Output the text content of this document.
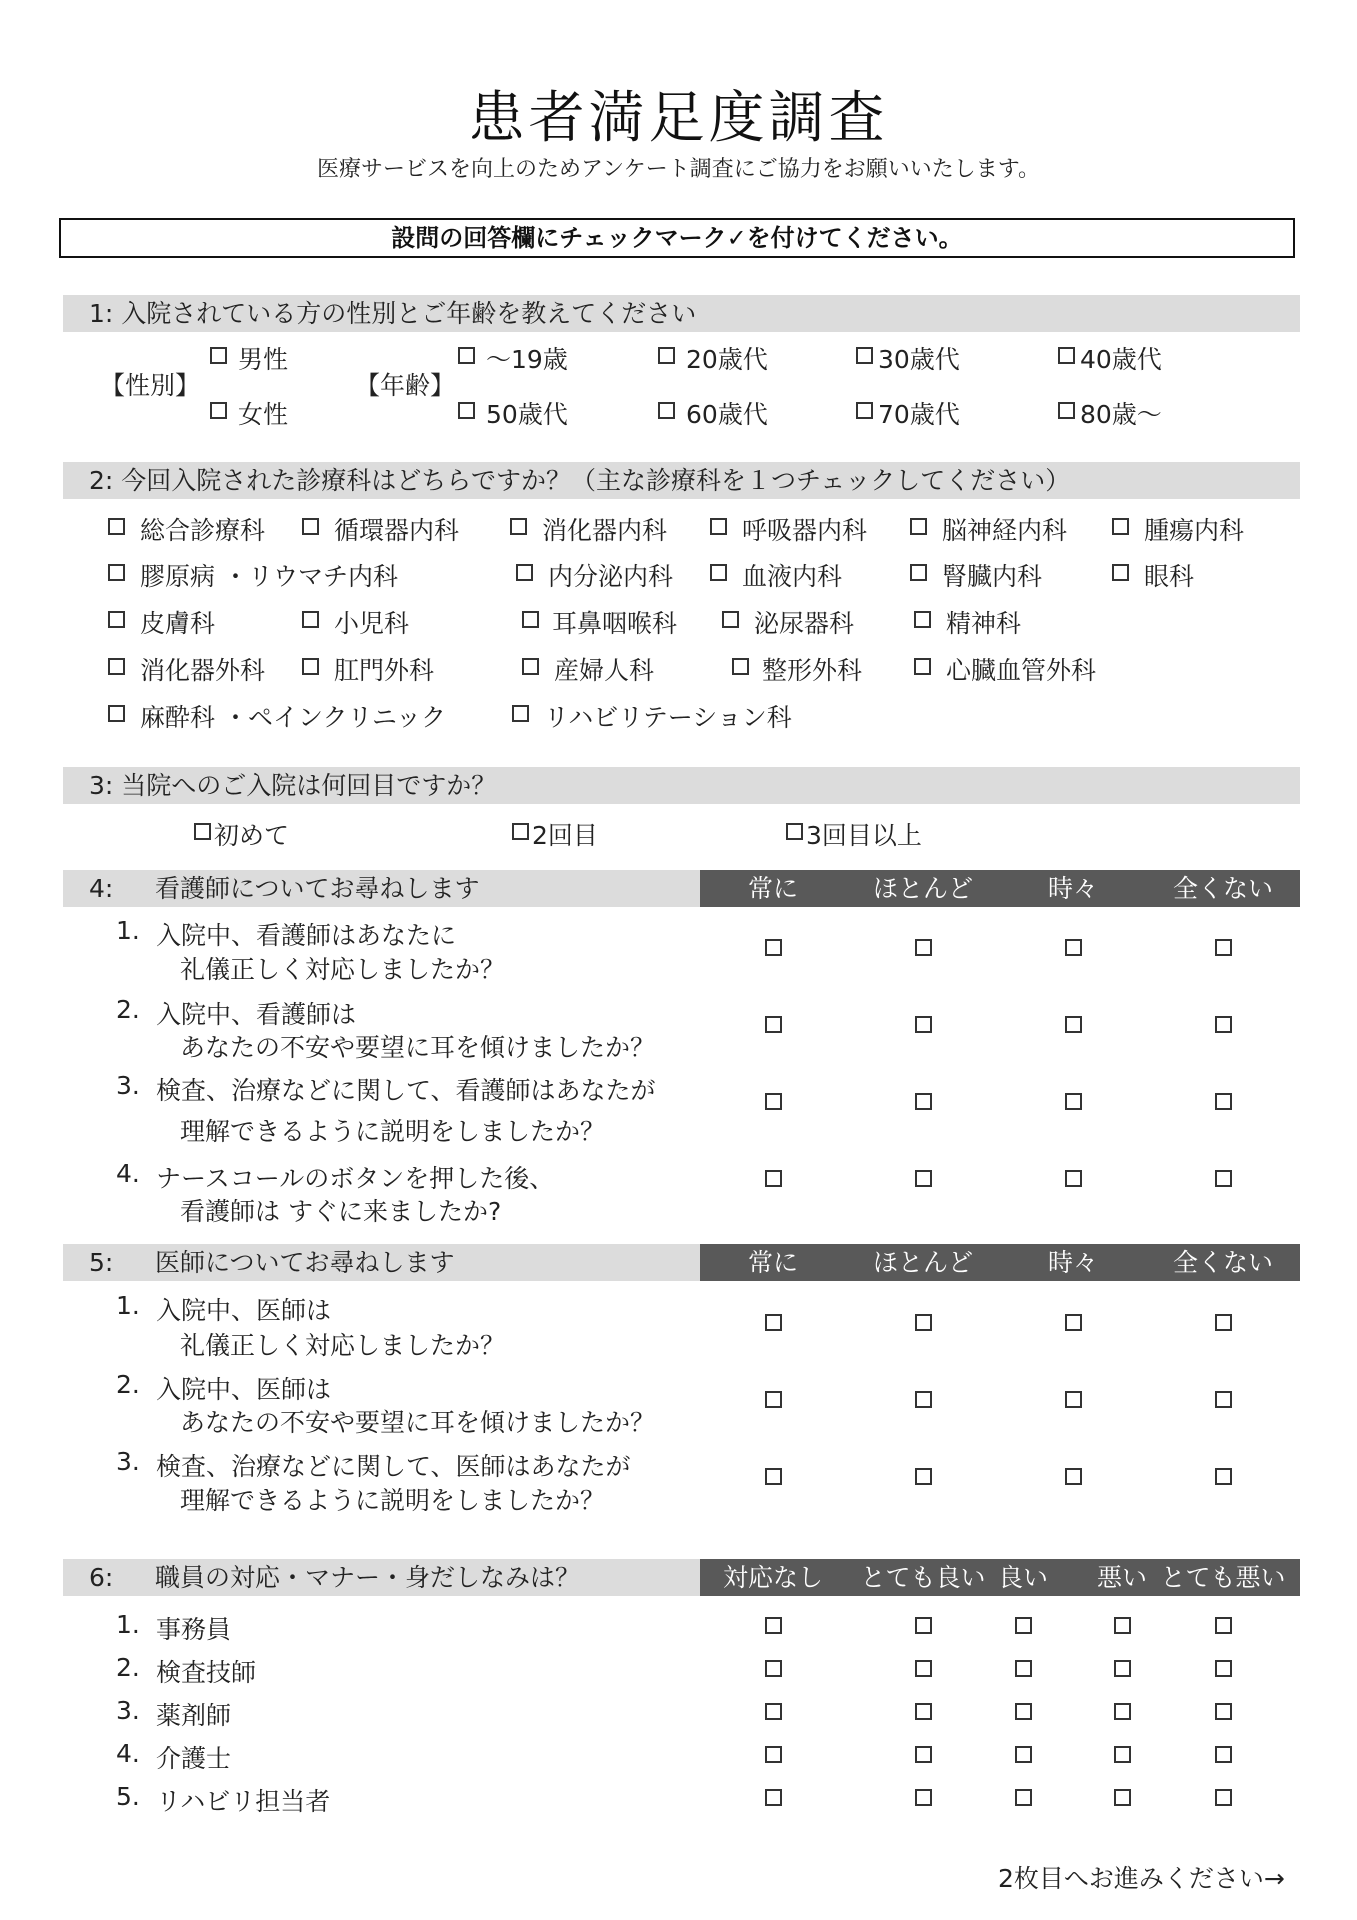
患者満足度調査
医療サービスを向上のためアンケート調査にご協力をお願いいたします。
設問の回答欄にチェックマーク✓を付けてください。
1: 入院されている方の性別とご年齢を教えてください
【性別】
男性
女性
【年齢】
～19歳	20歳代	30歳代	40歳代
50歳代	60歳代	70歳代	80歳～
2: 今回入院された診療科はどちらですか？（主な診療科を１つチェックしてください）
総合診療科	循環器内科	消化器内科	呼吸器内科	脳神経内科	腫瘍内科
膠原病 ・リウマチ内科	内分泌内科	血液内科	腎臓内科	眼科
皮膚科	小児科	耳鼻咽喉科	泌尿器科	精神科
消化器外科	肛門外科	産婦人科	整形外科	心臓血管外科
麻酔科 ・ペインクリニック	リハビリテーション科
3: 当院へのご入院は何回目ですか？
初めて	2回目	3回目以上
4: 看護師についてお尋ねします	常に	ほとんど	時々	全くない
1. 入院中、看護師はあなたに
礼儀正しく対応しましたか？
2. 入院中、看護師は
あなたの不安や要望に耳を傾けましたか？
3. 検査、治療などに関して、看護師はあなたが
理解できるように説明をしましたか？
4. ナースコールのボタンを押した後、
看護師は すぐに来ましたか?
5: 医師についてお尋ねします	常に	ほとんど	時々	全くない
1. 入院中、医師は
礼儀正しく対応しましたか？
2. 入院中、医師は
あなたの不安や要望に耳を傾けましたか？
3. 検査、治療などに関して、医師はあなたが
理解できるように説明をしましたか？
6: 職員の対応・マナー・身だしなみは？	対応なし とても良い 良い 悪い とても悪い
1. 事務員
2. 検査技師
3. 薬剤師
4. 介護士
5. リハビリ担当者
2枚目へお進みください→
